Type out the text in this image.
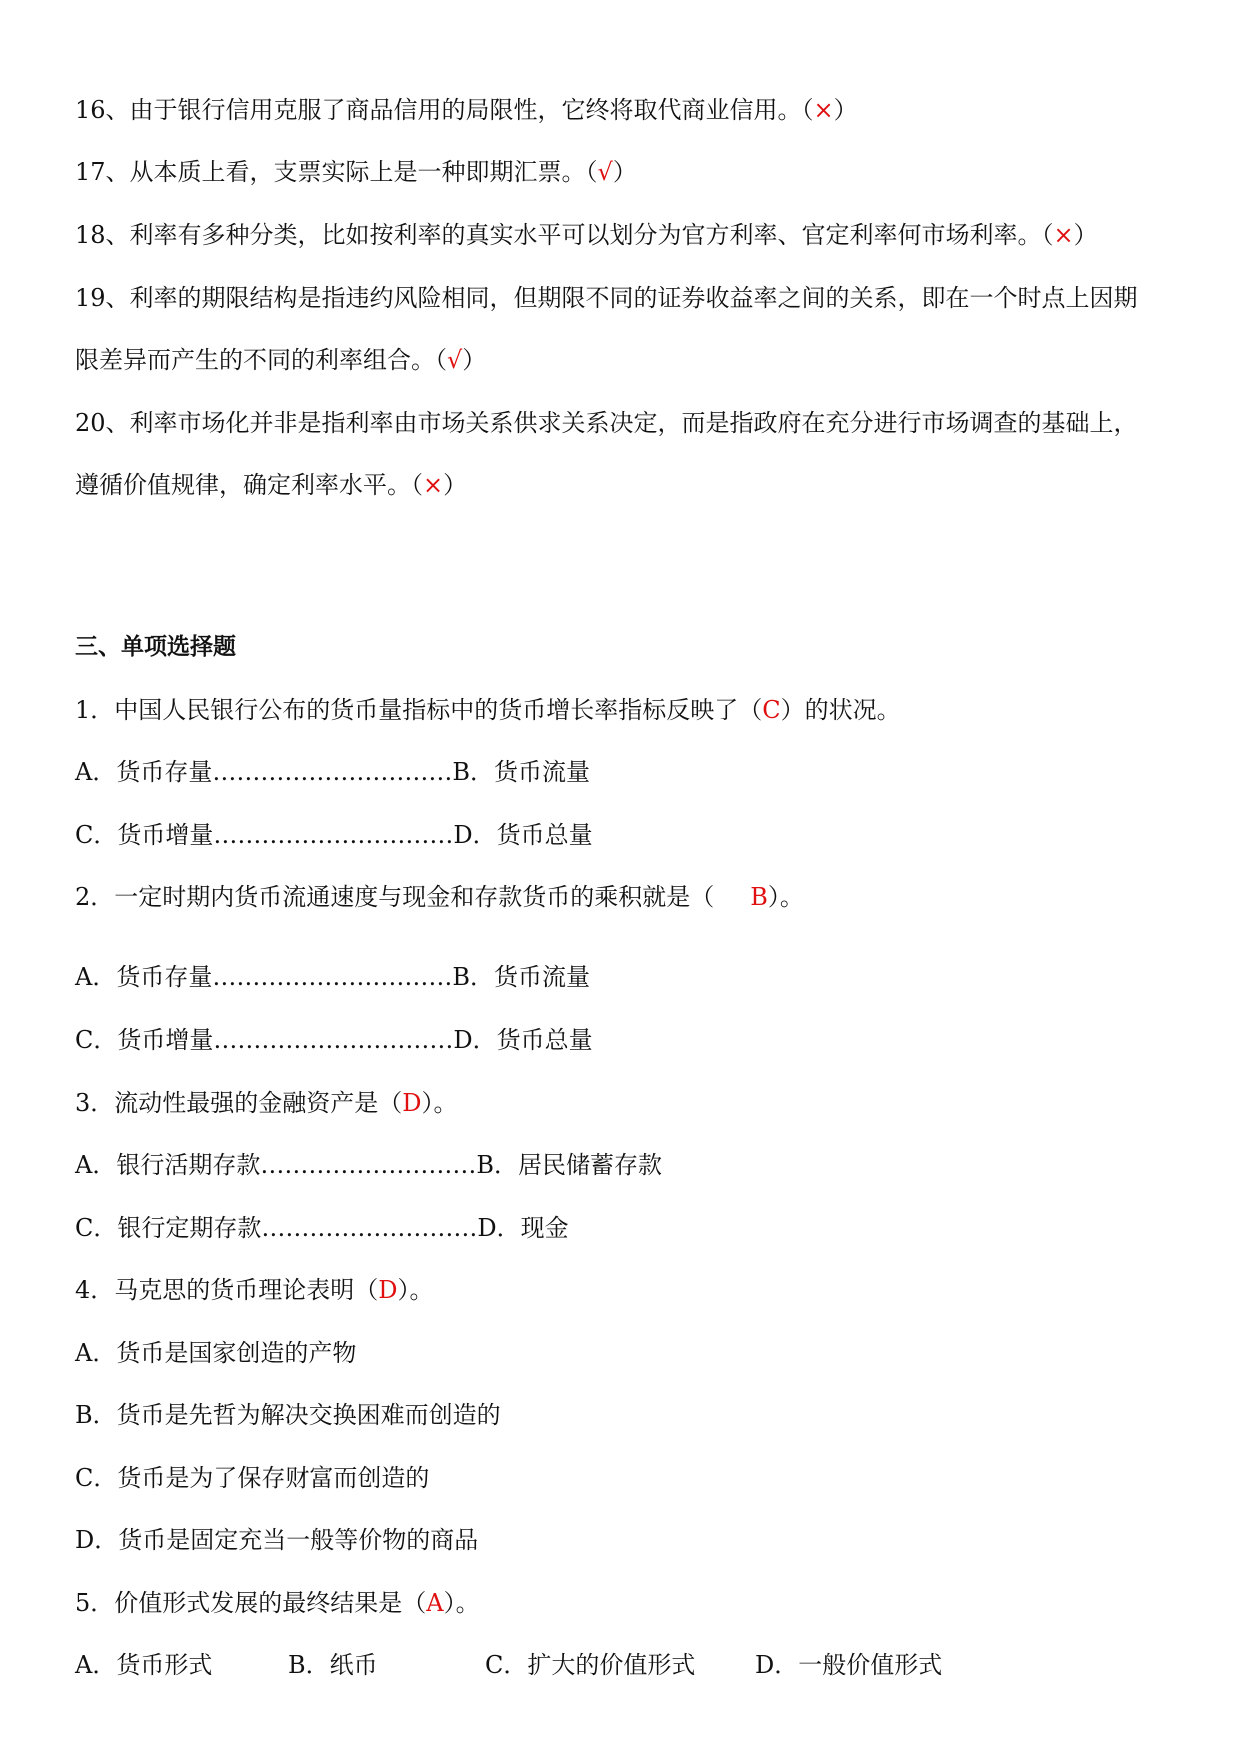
16、由于银行信用克服了商品信用的局限性，它终将取代商业信用。（×）
17、从本质上看，支票实际上是一种即期汇票。（√）
18、利率有多种分类，比如按利率的真实水平可以划分为官方利率、官定利率何市场利率。（×）
19、利率的期限结构是指违约风险相同，但期限不同的证券收益率之间的关系，即在一个时点上因期
限差异而产生的不同的利率组合。（√）
20、利率市场化并非是指利率由市场关系供求关系决定，而是指政府在充分进行市场调查的基础上，
遵循价值规律，确定利率水平。（×）
三、单项选择题
1．中国人民银行公布的货币量指标中的货币增长率指标反映了（C）的状况。
A．货币存量…………………………B．货币流量
C．货币增量…………………………D．货币总量
2．一定时期内货币流通速度与现金和存款货币的乘积就是（ B）。
A．货币存量…………………………B．货币流量
C．货币增量…………………………D．货币总量
3．流动性最强的金融资产是（D）。
A．银行活期存款………………………B．居民储蓄存款
C．银行定期存款………………………D．现金
4．马克思的货币理论表明（D）。
A．货币是国家创造的产物
B．货币是先哲为解决交换困难而创造的
C．货币是为了保存财富而创造的
D．货币是固定充当一般等价物的商品
5．价值形式发展的最终结果是（A）。
A．货币形式	B．纸币	C．扩大的价值形式 D．一般价值形式
